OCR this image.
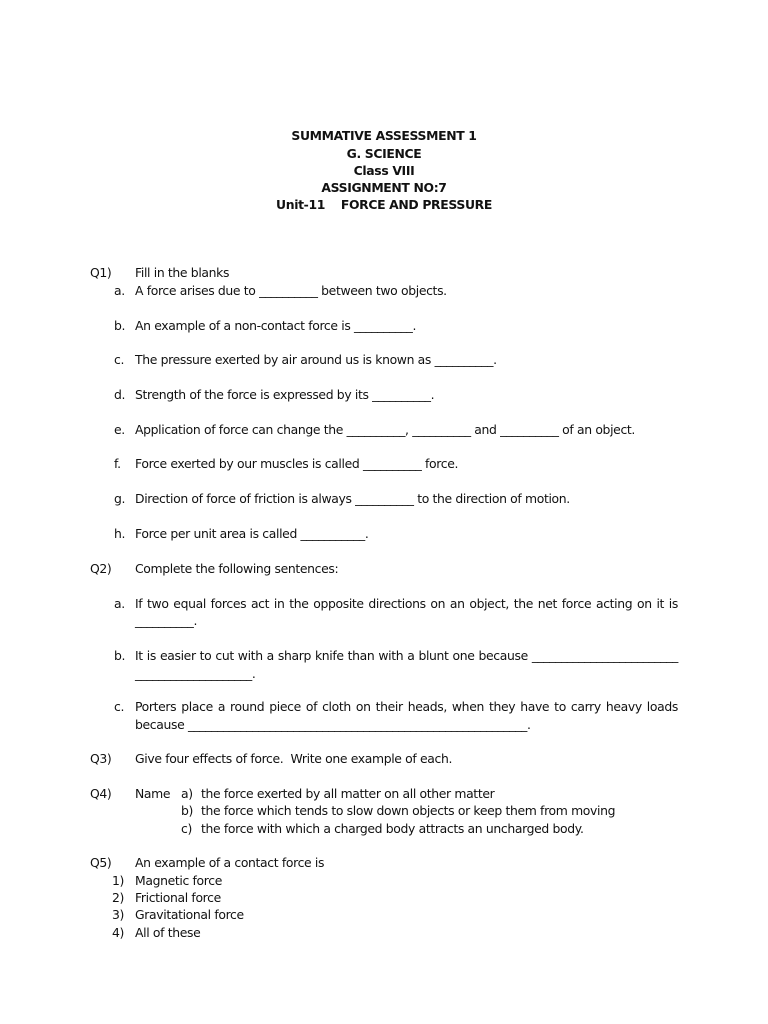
SUMMATIVE ASSESSMENT 1
G. SCIENCE
Class VIII
ASSIGNMENT NO:7
Unit-11    FORCE AND PRESSURE
Q1) Fill in the blanks
a. A force arises due to __________ between two objects.
b. An example of a non-contact force is __________.
c. The pressure exerted by air around us is known as __________.
d. Strength of the force is expressed by its __________.
e. Application of force can change the __________, __________ and __________ of an object.
f. Force exerted by our muscles is called __________ force.
g. Direction of force of friction is always __________ to the direction of motion.
h. Force per unit area is called ___________.
Q2) Complete the following sentences:
a. If two equal forces act in the opposite directions on an object, the net force acting on it is
__________.
b. It is easier to cut with a sharp knife than with a blunt one because _________________________
____________________.
c. Porters place a round piece of cloth on their heads, when they have to carry heavy loads
because __________________________________________________________.
Q3) Give four effects of force.  Write one example of each.
Q4) Name a) the force exerted by all matter on all other matter
b) the force which tends to slow down objects or keep them from moving
c) the force with which a charged body attracts an uncharged body.
Q5) An example of a contact force is
1) Magnetic force
2) Frictional force
3) Gravitational force
4) All of these
